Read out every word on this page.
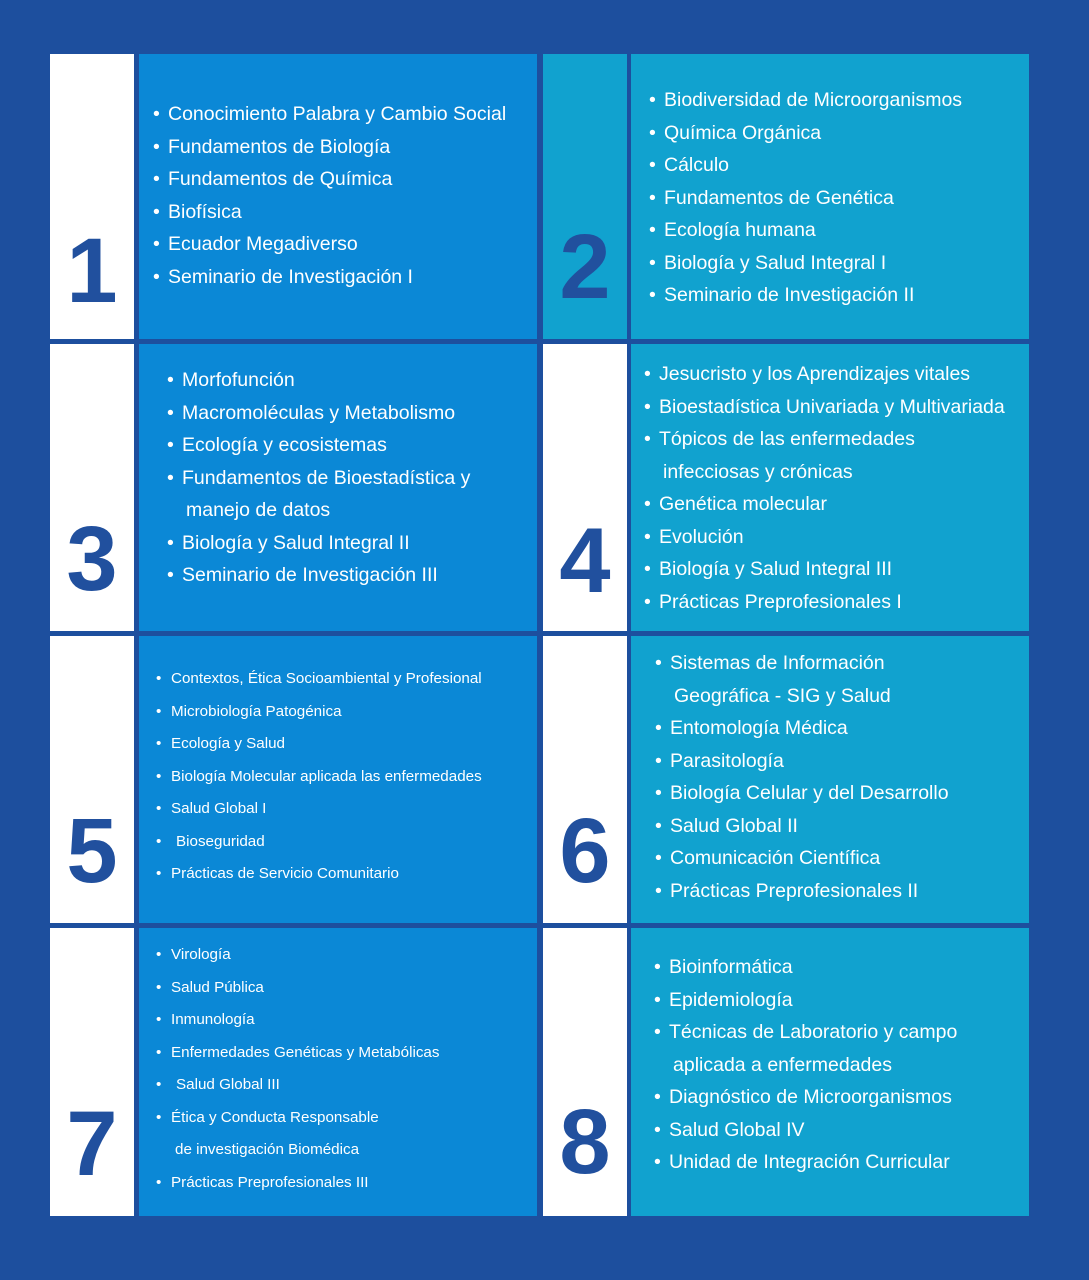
1
• Conocimiento Palabra y Cambio Social
• Fundamentos de Biología
• Fundamentos de Química
• Biofísica
• Ecuador Megadiverso
• Seminario de Investigación I	2
• Biodiversidad de Microorganismos
• Química Orgánica
• Cálculo
• Fundamentos de Genética
• Ecología humana
• Biología y Salud Integral I
• Seminario de Investigación II
3
• Morfofunción
• Macromoléculas y Metabolismo
• Ecología y ecosistemas
• Fundamentos de Bioestadística y
manejo de datos
• Biología y Salud Integral II
• Seminario de Investigación III	4
• Jesucristo y los Aprendizajes vitales
• Bioestadística Univariada y Multivariada
• Tópicos de las enfermedades
infecciosas y crónicas
• Genética molecular
• Evolución
• Biología y Salud Integral III
• Prácticas Preprofesionales I
5
• Contextos, Ética Socioambiental y Profesional
• Microbiología Patogénica
• Ecología y Salud
• Biología Molecular aplicada las enfermedades
• Salud Global I
• Bioseguridad
• Prácticas de Servicio Comunitario	6
• Sistemas de Información
Geográfica - SIG y Salud
• Entomología Médica
• Parasitología
• Biología Celular y del Desarrollo
• Salud Global II
• Comunicación Científica
• Prácticas Preprofesionales II
7
• Virología
• Salud Pública
• Inmunología
• Enfermedades Genéticas y Metabólicas
• Salud Global III
• Ética y Conducta Responsable
de investigación Biomédica
• Prácticas Preprofesionales III	8
• Bioinformática
• Epidemiología
• Técnicas de Laboratorio y campo
aplicada a enfermedades
• Diagnóstico de Microorganismos
• Salud Global IV
• Unidad de Integración Curricular
